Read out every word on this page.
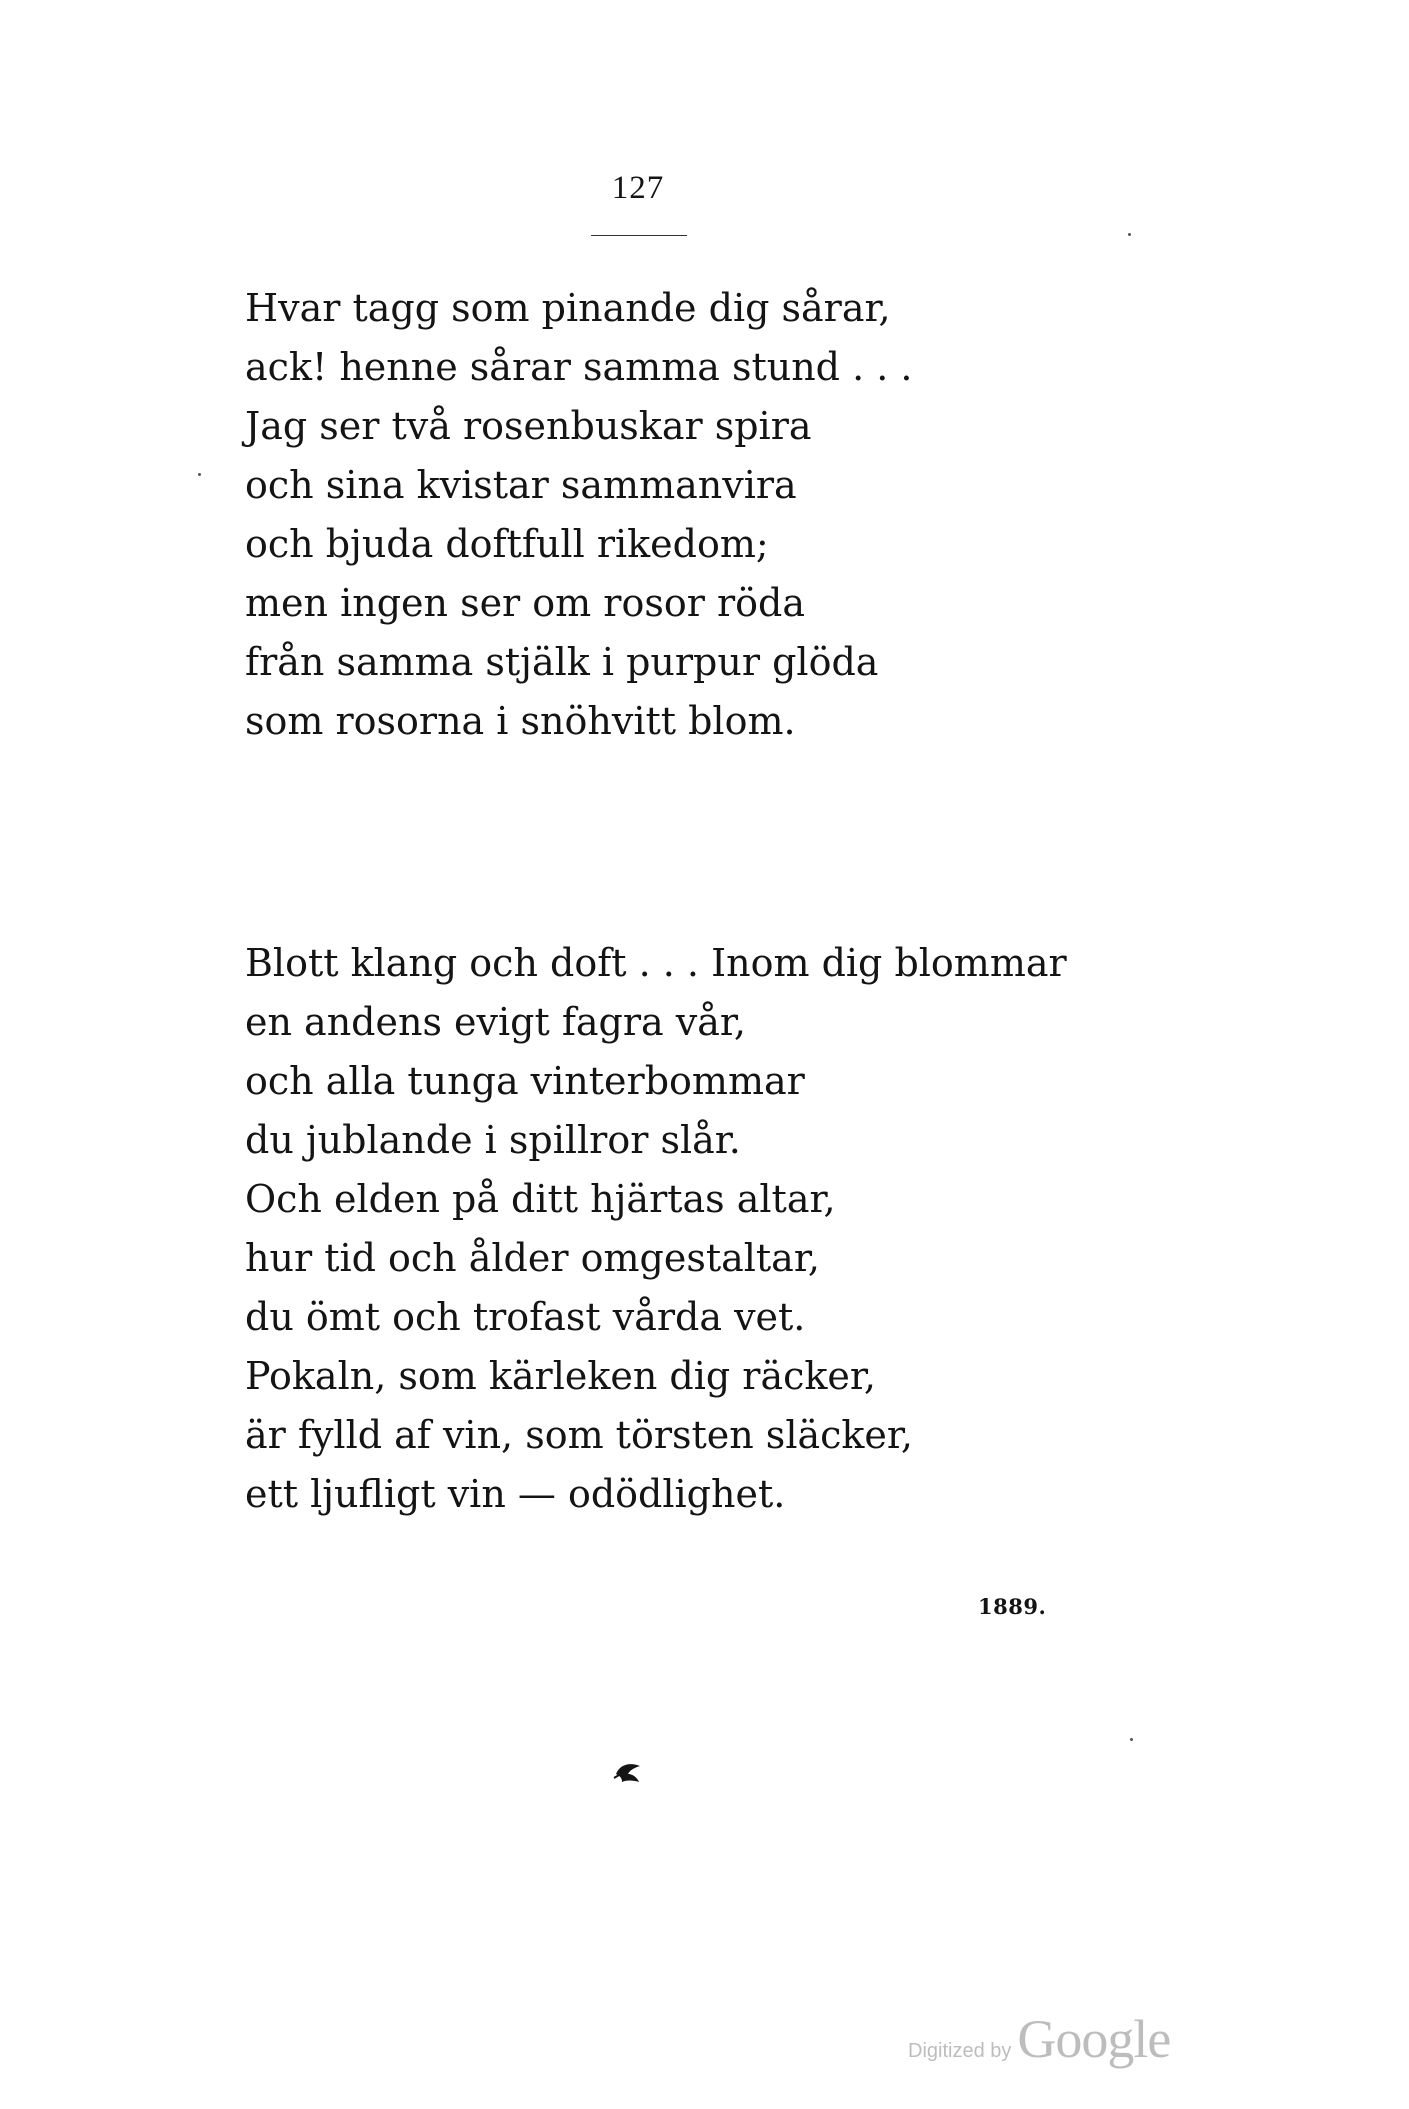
127
Hvar tagg som pinande dig sårar,
ack! henne sårar samma stund . . .
Jag ser två rosenbuskar spira
och sina kvistar sammanvira
och bjuda doftfull rikedom;
men ingen ser om rosor röda
från samma stjälk i purpur glöda
som rosorna i snöhvitt blom.
Blott klang och doft . . . Inom dig blommar
en andens evigt fagra vår,
och alla tunga vinterbommar
du jublande i spillror slår.
Och elden på ditt hjärtas altar,
hur tid och ålder omgestaltar,
du ömt och trofast vårda vet.
Pokaln, som kärleken dig räcker,
är fylld af vin, som törsten släcker,
ett ljufligt vin — odödlighet.
1889.
Digitized by Google
